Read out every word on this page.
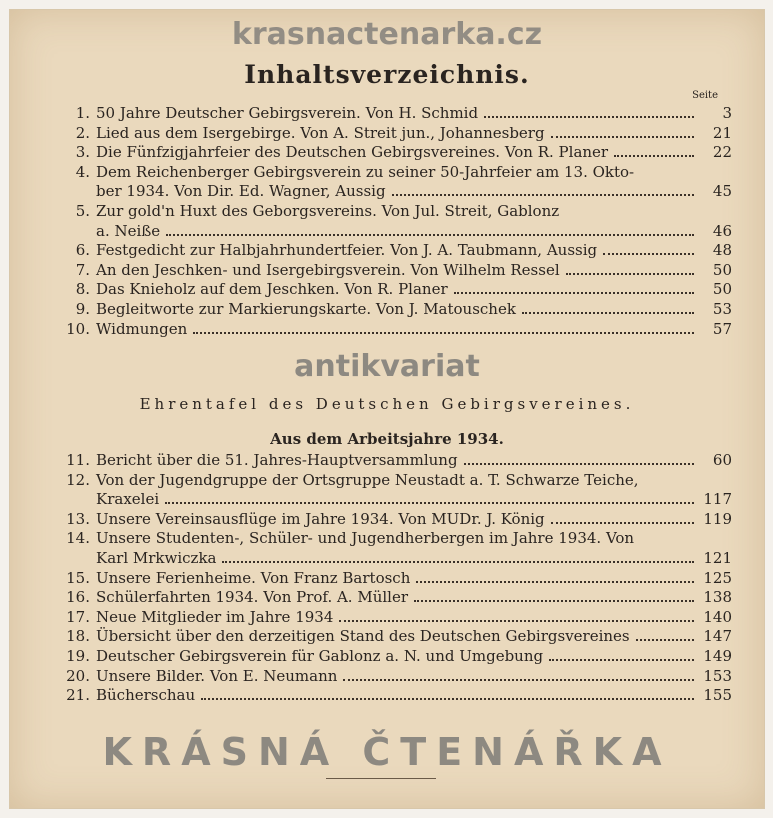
krasnactenarka.cz
Inhaltsverzeichnis.
Seite
1. 50 Jahre Deutscher Gebirgsverein. Von H. Schmid	3
2. Lied aus dem Isergebirge. Von A. Streit jun., Johannesberg	21
3. Die Fünfzigjahrfeier des Deutschen Gebirgsvereines. Von R. Planer	22
4. Dem Reichenberger Gebirgsverein zu seiner 50-Jahrfeier am 13. Okto-
ber 1934. Von Dir. Ed. Wagner, Aussig	45
5. Zur gold'n Huxt des Geborgsvereins. Von Jul. Streit, Gablonz
a. Neiße	46
6. Festgedicht zur Halbjahrhundertfeier. Von J. A. Taubmann, Aussig	48
7. An den Jeschken- und Isergebirgsverein. Von Wilhelm Ressel	50
8. Das Knieholz auf dem Jeschken. Von R. Planer	50
9. Begleitworte zur Markierungskarte. Von J. Matouschek	53
10. Widmungen	57
antikvariat
Ehrentafel des Deutschen Gebirgsvereines.
Aus dem Arbeitsjahre 1934.
11. Bericht über die 51. Jahres-Hauptversammlung	60
12. Von der Jugendgruppe der Ortsgruppe Neustadt a. T. Schwarze Teiche,
Kraxelei	117
13. Unsere Vereinsausflüge im Jahre 1934. Von MUDr. J. König	119
14. Unsere Studenten-, Schüler- und Jugendherbergen im Jahre 1934. Von
Karl Mrkwiczka	121
15. Unsere Ferienheime. Von Franz Bartosch	125
16. Schülerfahrten 1934. Von Prof. A. Müller	138
17. Neue Mitglieder im Jahre 1934	140
18. Übersicht über den derzeitigen Stand des Deutschen Gebirgsvereines	147
19. Deutscher Gebirgsverein für Gablonz a. N. und Umgebung	149
20. Unsere Bilder. Von E. Neumann	153
21. Bücherschau	155
KRÁSNÁ ČTENÁŘKA
